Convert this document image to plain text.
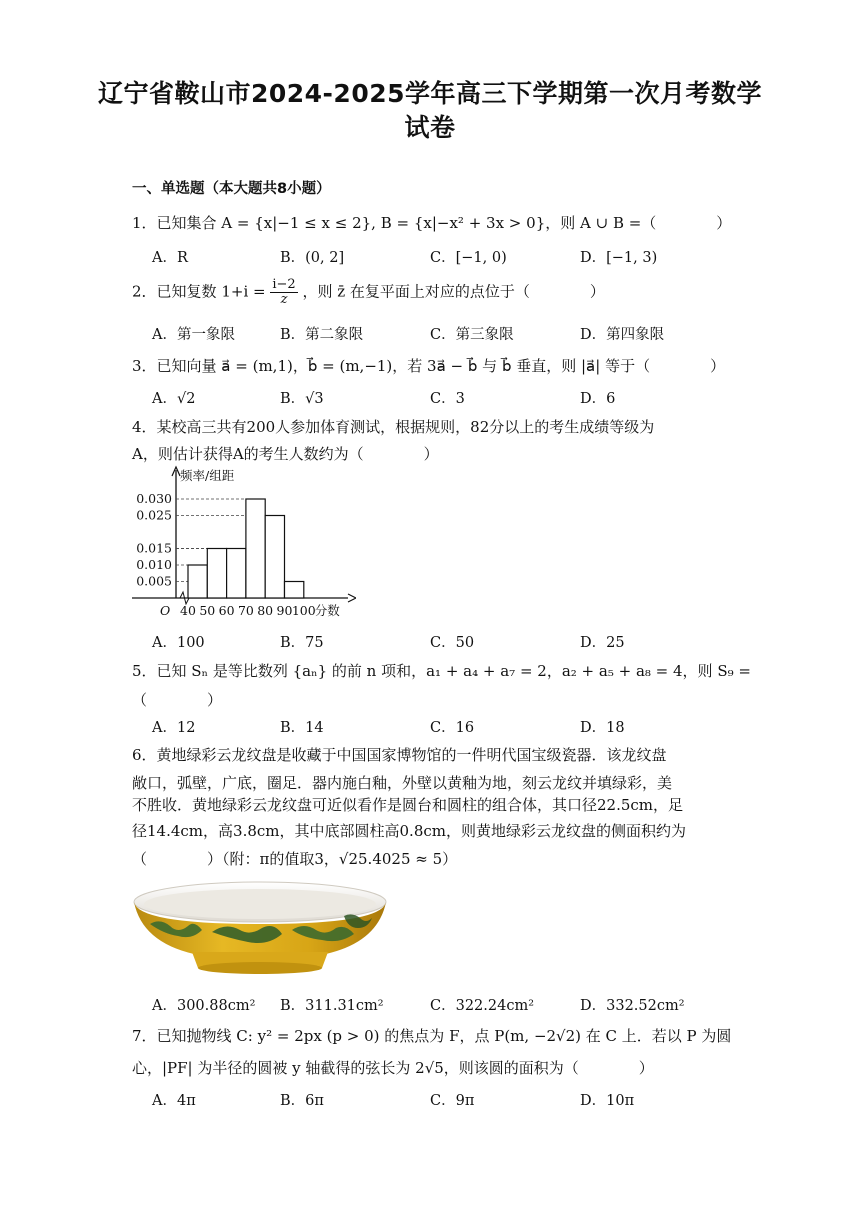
辽宁省鞍山市2024-2025学年高三下学期第一次月考数学
试卷
一、单选题（本大题共8小题）
1．已知集合 A = {x|−1 ≤ x ≤ 2}, B = {x|−x² + 3x > 0}，则 A ∪ B =（　　　　）
A．R	B．(0, 2]	C．[−1, 0)	D．[−1, 3)
2．已知复数 $1+i = \frac{i-2}{z}$ ，则 z̄ 在复平面上对应的点位于（　　　　）
A．第一象限	B．第二象限	C．第三象限	D．第四象限
3．已知向量 a⃗ = (m,1)，b⃗ = (m,−1)，若 3a⃗ − b⃗ 与 b⃗ 垂直，则 |a⃗| 等于（　　　　）
A．√2	B．√3	C．3	D．6
4．某校高三共有200人参加体育测试，根据规则，82分以上的考生成绩等级为
A，则估计获得A的考生人数约为（　　　　）
0.005
0.010
0.015
0.025
0.030
40 50 60 70 80 90 100 分数
频率/组距
O
A．100	B．75	C．50	D．25
5．已知 Sₙ 是等比数列 {aₙ} 的前 n 项和，a₁ + a₄ + a₇ = 2，a₂ + a₅ + a₈ = 4，则 S₉ =
（　　　　）
A．12	B．14	C．16	D．18
6．黄地绿彩云龙纹盘是收藏于中国国家博物馆的一件明代国宝级瓷器．该龙纹盘
敞口，弧壁，广底，圈足．器内施白釉，外壁以黄釉为地，刻云龙纹并填绿彩，美
不胜收．黄地绿彩云龙纹盘可近似看作是圆台和圆柱的组合体，其口径22.5cm，足
径14.4cm，高3.8cm，其中底部圆柱高0.8cm，则黄地绿彩云龙纹盘的侧面积约为
（　　　　）（附：π的值取3，√25.4025 ≈ 5）
A．300.88cm² B．311.31cm²	C．322.24cm²	D．332.52cm²
7．已知抛物线 C: y² = 2px (p > 0) 的焦点为 F，点 P(m, −2√2) 在 C 上．若以 P 为圆
心，|PF| 为半径的圆被 y 轴截得的弦长为 2√5，则该圆的面积为（　　　　）
A．4π	B．6π	C．9π	D．10π
